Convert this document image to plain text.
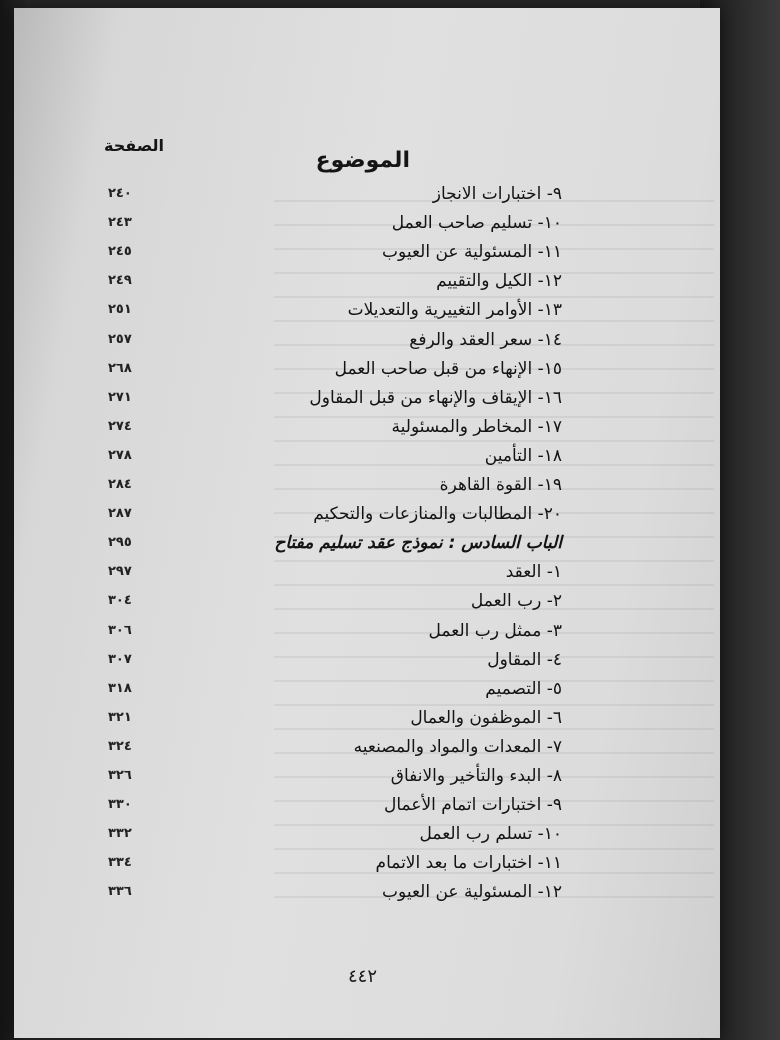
الصفحة
الموضوع
٩- اختبارات الانجاز
٢٤٠
١٠- تسليم صاحب العمل
٢٤٣
١١- المسئولية عن العيوب
٢٤٥
١٢- الكيل والتقييم
٢٤٩
١٣- الأوامر التغييرية والتعديلات
٢٥١
١٤- سعر العقد والرفع
٢٥٧
١٥- الإنهاء من قبل صاحب العمل
٢٦٨
١٦- الإيقاف والإنهاء من قبل المقاول
٢٧١
١٧- المخاطر والمسئولية
٢٧٤
١٨- التأمين
٢٧٨
١٩- القوة القاهرة
٢٨٤
٢٠- المطالبات والمنازعات والتحكيم
٢٨٧
الباب السادس : نموذج عقد تسليم مفتاح
٢٩٥
١- العقد
٢٩٧
٢- رب العمل
٣٠٤
٣- ممثل رب العمل
٣٠٦
٤- المقاول
٣٠٧
٥- التصميم
٣١٨
٦- الموظفون والعمال
٣٢١
٧- المعدات والمواد والمصنعيه
٣٢٤
٨- البدء والتأخير والانفاق
٣٢٦
٩- اختبارات اتمام الأعمال
٣٣٠
١٠- تسلم رب العمل
٣٣٢
١١- اختبارات ما بعد الاتمام
٣٣٤
١٢- المسئولية عن العيوب
٣٣٦
٤٤٢
